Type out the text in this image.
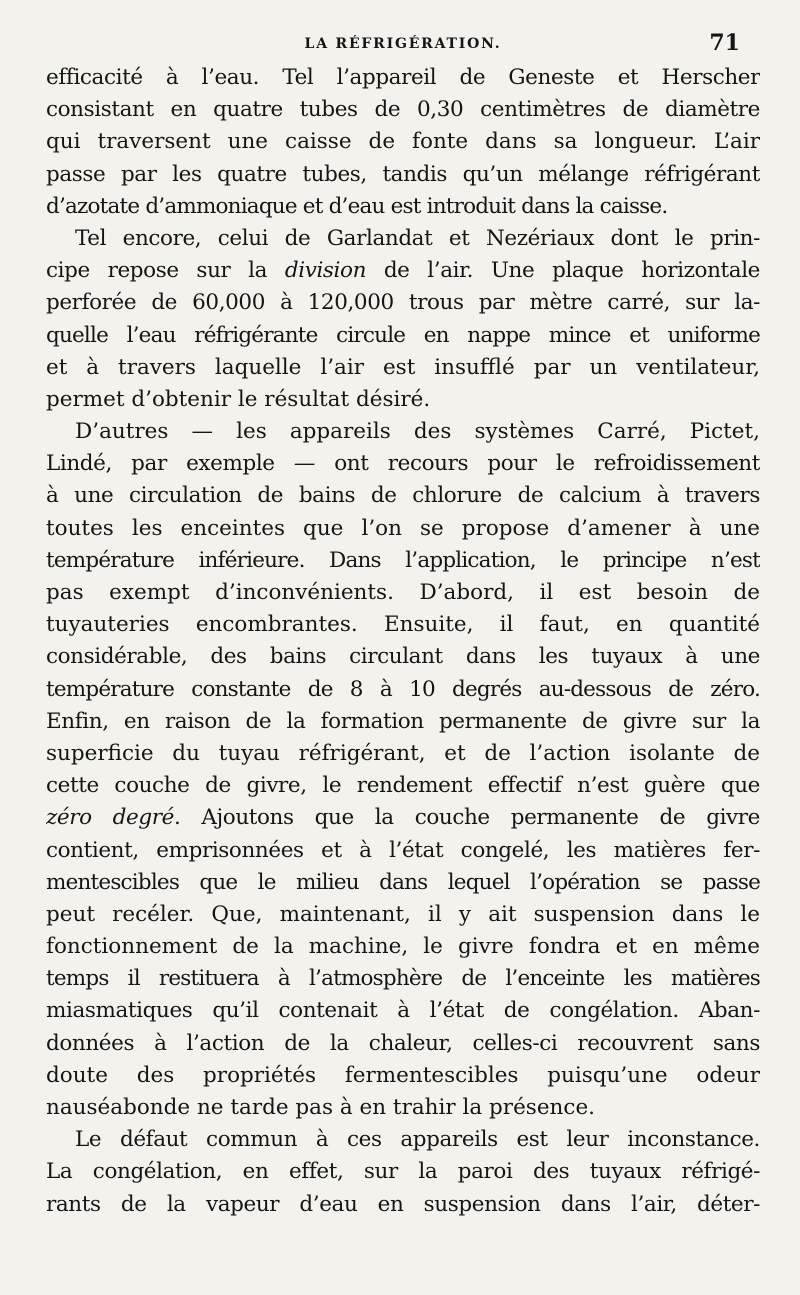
LA RÉFRIGÉRATION.	71
efficacité à l’eau. Tel l’appareil de Geneste et Herscher
consistant en quatre tubes de 0,30 centimètres de diamètre
qui traversent une caisse de fonte dans sa longueur. L’air
passe par les quatre tubes, tandis qu’un mélange réfrigérant
d’azotate d’ammoniaque et d’eau est introduit dans la caisse.
Tel encore, celui de Garlandat et Nezériaux dont le prin-
cipe repose sur la division de l’air. Une plaque horizontale
perforée de 60,000 à 120,000 trous par mètre carré, sur la-
quelle l’eau réfrigérante circule en nappe mince et uniforme
et à travers laquelle l’air est insufflé par un ventilateur,
permet d’obtenir le résultat désiré.
D’autres — les appareils des systèmes Carré, Pictet,
Lindé, par exemple — ont recours pour le refroidissement
à une circulation de bains de chlorure de calcium à travers
toutes les enceintes que l’on se propose d’amener à une
température inférieure. Dans l’application, le principe n’est
pas exempt d’inconvénients. D’abord, il est besoin de
tuyauteries encombrantes. Ensuite, il faut, en quantité
considérable, des bains circulant dans les tuyaux à une
température constante de 8 à 10 degrés au-dessous de zéro.
Enfin, en raison de la formation permanente de givre sur la
superficie du tuyau réfrigérant, et de l’action isolante de
cette couche de givre, le rendement effectif n’est guère que
zéro degré. Ajoutons que la couche permanente de givre
contient, emprisonnées et à l’état congelé, les matières fer-
mentescibles que le milieu dans lequel l’opération se passe
peut recéler. Que, maintenant, il y ait suspension dans le
fonctionnement de la machine, le givre fondra et en même
temps il restituera à l’atmosphère de l’enceinte les matières
miasmatiques qu’il contenait à l’état de congélation. Aban-
données à l’action de la chaleur, celles-ci recouvrent sans
doute des propriétés fermentescibles puisqu’une odeur
nauséabonde ne tarde pas à en trahir la présence.
Le défaut commun à ces appareils est leur inconstance.
La congélation, en effet, sur la paroi des tuyaux réfrigé-
rants de la vapeur d’eau en suspension dans l’air, déter-
